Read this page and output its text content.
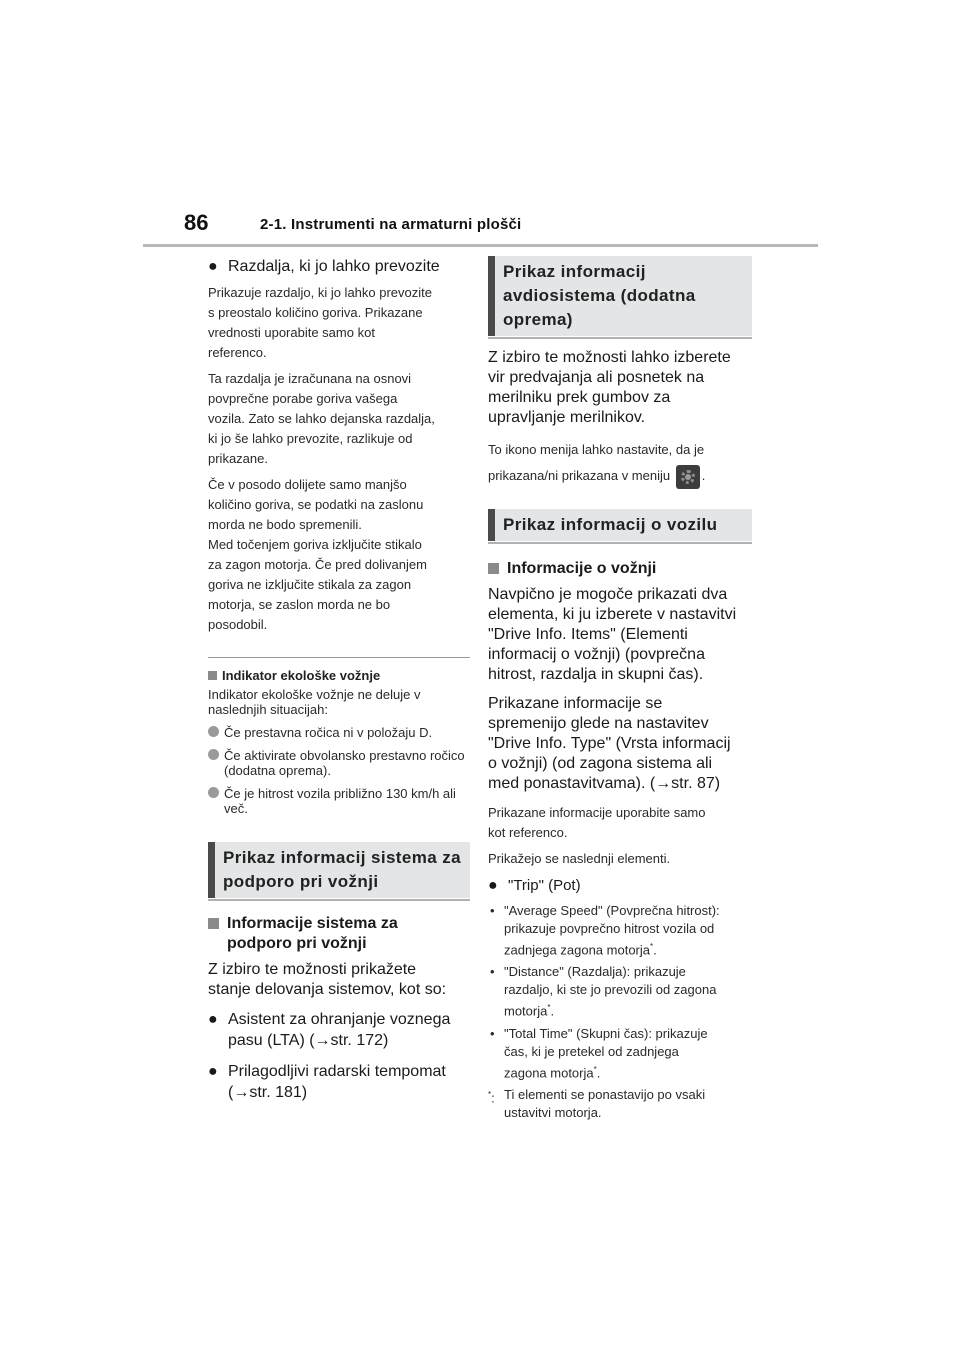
86	2-1. Instrumenti na armaturni plošči
● Razdalja, ki jo lahko prevozite
Prikazuje razdaljo, ki jo lahko prevozite
s preostalo količino goriva. Prikazane
vrednosti uporabite samo kot
referenco.
Ta razdalja je izračunana na osnovi
povprečne porabe goriva vašega
vozila. Zato se lahko dejanska razdalja,
ki jo še lahko prevozite, razlikuje od
prikazane.
Če v posodo dolijete samo manjšo
količino goriva, se podatki na zaslonu
morda ne bodo spremenili.
Med točenjem goriva izključite stikalo
za zagon motorja. Če pred dolivanjem
goriva ne izključite stikala za zagon
motorja, se zaslon morda ne bo
posodobil.
Indikator ekološke vožnje
Indikator ekološke vožnje ne deluje v naslednjih situacijah:
Če prestavna ročica ni v položaju D.
Če aktivirate obvolansko prestavno ročico (dodatna oprema).
Če je hitrost vozila približno 130 km/h ali več.
Prikaz informacij sistema za
podporo pri vožnji
Informacije sistema za
podporo pri vožnji
Z izbiro te možnosti prikažete
stanje delovanja sistemov, kot so:
● Asistent za ohranjanje voznega
pasu (LTA) (→str. 172)
● Prilagodljivi radarski tempomat
(→str. 181)
Prikaz informacij
avdiosistema (dodatna
oprema)
Z izbiro te možnosti lahko izberete
vir predvajanja ali posnetek na
merilniku prek gumbov za
upravljanje merilnikov.
To ikono menija lahko nastavite, da je
prikazana/ni prikazana v meniju .
Prikaz informacij o vozilu
Informacije o vožnji
Navpično je mogoče prikazati dva
elementa, ki ju izberete v nastavitvi
"Drive Info. Items" (Elementi
informacij o vožnji) (povprečna
hitrost, razdalja in skupni čas).
Prikazane informacije se
spremenijo glede na nastavitev
"Drive Info. Type" (Vrsta informacij
o vožnji) (od zagona sistema ali
med ponastavitvama). (→str. 87)
Prikazane informacije uporabite samo
kot referenco.
Prikažejo se naslednji elementi.
● "Trip" (Pot)
• "Average Speed" (Povprečna hitrost):
prikazuje povprečno hitrost vozila od
zadnjega zagona motorja*.
• "Distance" (Razdalja): prikazuje
razdaljo, ki ste jo prevozili od zagona
motorja*.
• "Total Time" (Skupni čas): prikazuje
čas, ki je pretekel od zadnjega
zagona motorja*.
*: Ti elementi se ponastavijo po vsaki
ustavitvi motorja.
